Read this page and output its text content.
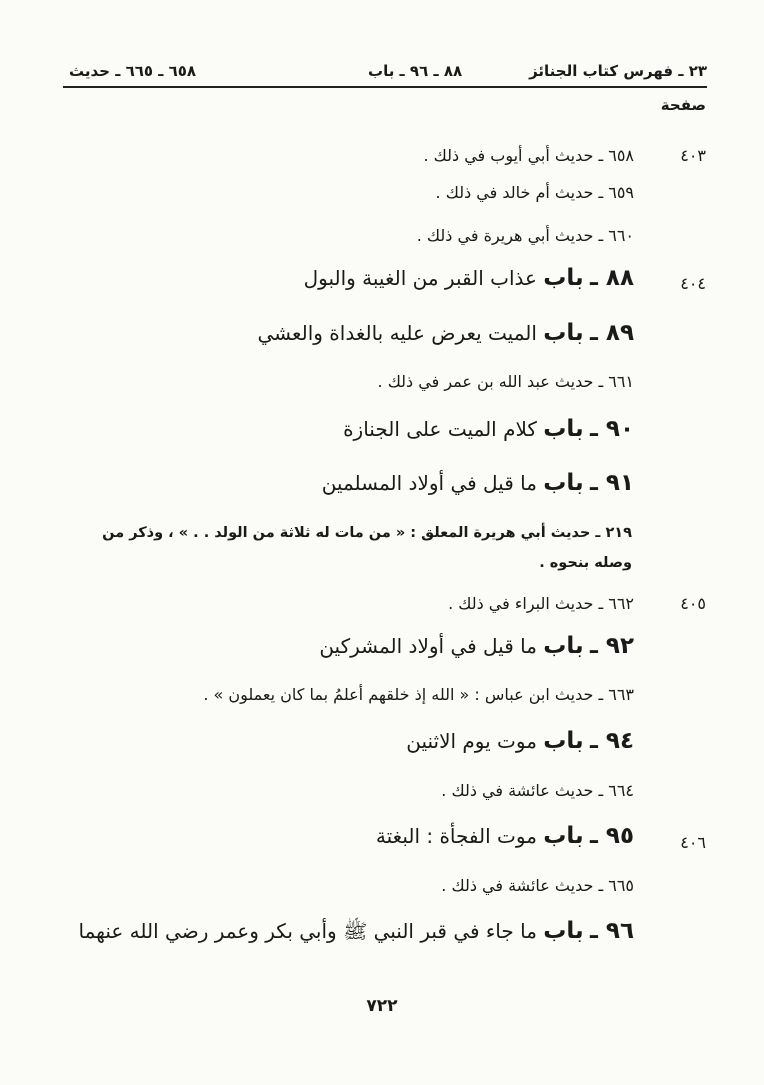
٢٣ ـ فهرس كتاب الجنائز
٨٨ ـ ٩٦ ـ باب
٦٥٨ ـ ٦٦٥ ـ حديث
صفحة
٤٠٣
٤٠٤
٤٠٥
٤٠٦
٦٥٨ ـ حديث أبي أيوب في ذلك .
٦٥٩ ـ حديث أم خالد في ذلك .
٦٦٠ ـ حديث أبي هريرة في ذلك .
٨٨ ـ باب عذاب القبر من الغيبة والبول
٨٩ ـ باب الميت يعرض عليه بالغداة والعشي
٦٦١ ـ حديث عبد الله بن عمر في ذلك .
٩٠ ـ باب كلام الميت على الجنازة
٩١ ـ باب ما قيل في أولاد المسلمين
٢١٩ ـ حديث أبي هريرة المعلق : « من مات له ثلاثة من الولد . . » ، وذكر من وصله بنحوه .
٦٦٢ ـ حديث البراء في ذلك .
٩٢ ـ باب ما قيل في أولاد المشركين
٦٦٣ ـ حديث ابن عباس : « الله إذ خلقهم أعلمُ بما كان يعملون » .
٩٤ ـ باب موت يوم الاثنين
٦٦٤ ـ حديث عائشة في ذلك .
٩٥ ـ باب موت الفجأة : البغتة
٦٦٥ ـ حديث عائشة في ذلك .
٩٦ ـ باب ما جاء في قبر النبي ﷺ وأبي بكر وعمر رضي الله عنهما
٧٢٢
